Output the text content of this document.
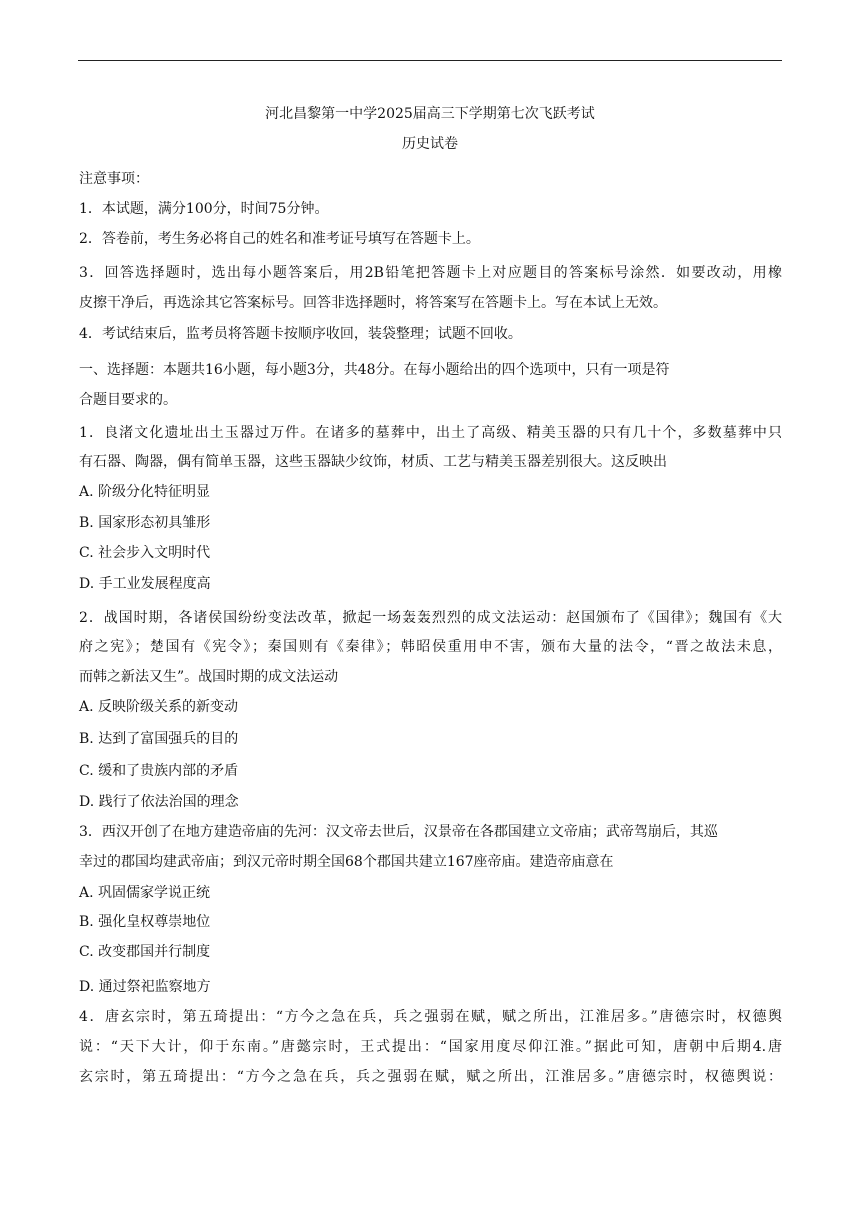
河北昌黎第一中学2025届高三下学期第七次飞跃考试
历史试卷
注意事项：
1．本试题，满分100分，时间75分钟。
2．答卷前，考生务必将自己的姓名和准考证号填写在答题卡上。
3．回答选择题时，选出每小题答案后，用2B铅笔把答题卡上对应题目的答案标号涂然．如要改动，用橡
皮擦干净后，再选涂其它答案标号。回答非选择题时，将答案写在答题卡上。写在本试上无效。
4．考试结束后，监考员将答题卡按顺序收回，装袋整理；试题不回收。
一、选择题：本题共16小题，每小题3分，共48分。在每小题给出的四个选项中，只有一项是符
合题目要求的。
1．良渚文化遗址出土玉器过万件。在诸多的墓葬中，出土了高级、精美玉器的只有几十个，多数墓葬中只
有石器、陶器，偶有简单玉器，这些玉器缺少纹饰，材质、工艺与精美玉器差别很大。这反映出
A. 阶级分化特征明显
B. 国家形态初具雏形
C. 社会步入文明时代
D. 手工业发展程度高
2．战国时期，各诸侯国纷纷变法改革，掀起一场轰轰烈烈的成文法运动：赵国颁布了《国律》；魏国有《大
府之宪》；楚国有《宪令》；秦国则有《秦律》；韩昭侯重用申不害，颁布大量的法令，“晋之故法未息，
而韩之新法又生”。战国时期的成文法运动
A. 反映阶级关系的新变动
B. 达到了富国强兵的目的
C. 缓和了贵族内部的矛盾
D. 践行了依法治国的理念
3．西汉开创了在地方建造帝庙的先河：汉文帝去世后，汉景帝在各郡国建立文帝庙；武帝驾崩后，其巡
幸过的郡国均建武帝庙；到汉元帝时期全国68个郡国共建立167座帝庙。建造帝庙意在
A. 巩固儒家学说正统
B. 强化皇权尊崇地位
C. 改变郡国并行制度
D. 通过祭祀监察地方
4．唐玄宗时，第五琦提出：“方今之急在兵，兵之强弱在赋，赋之所出，江淮居多。”唐德宗时，权德舆
说：“天下大计，仰于东南。”唐懿宗时，王式提出：“国家用度尽仰江淮。”据此可知，唐朝中后期4.唐
玄宗时，第五琦提出：“方今之急在兵，兵之强弱在赋，赋之所出，江淮居多。”唐德宗时，权德舆说：
